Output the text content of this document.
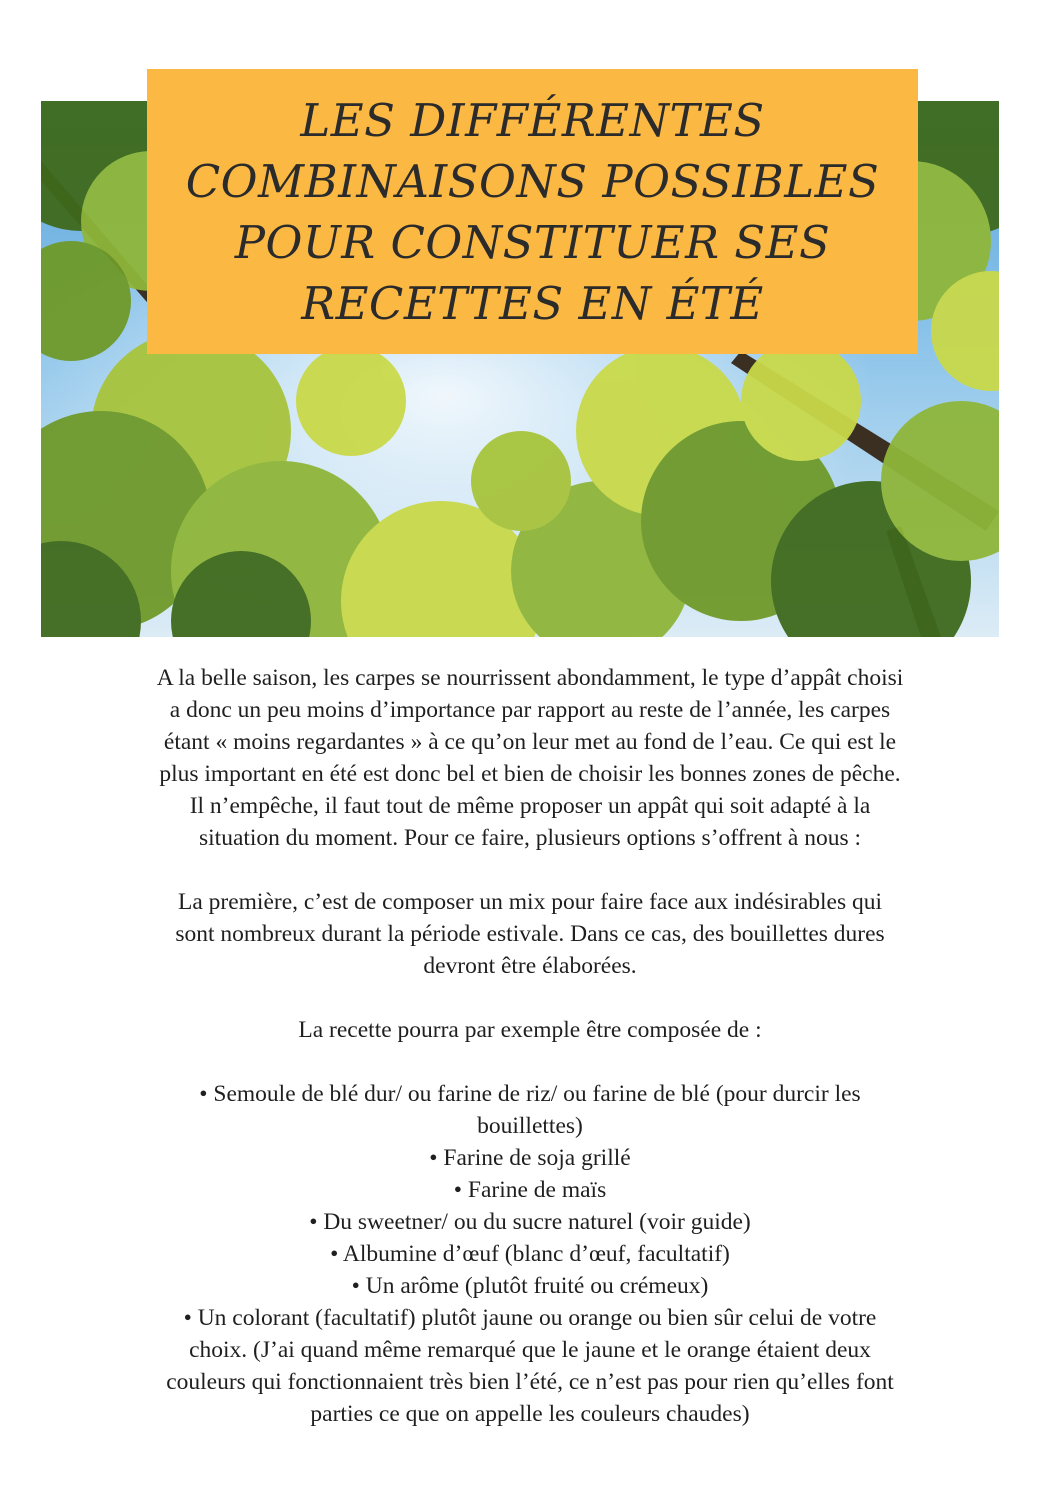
LES DIFFÉRENTES
COMBINAISONS POSSIBLES
POUR CONSTITUER SES
RECETTES EN ÉTÉ

A la belle saison, les carpes se nourrissent abondamment, le type d’appât choisi
a donc un peu moins d’importance par rapport au reste de l’année, les carpes
étant « moins regardantes » à ce qu’on leur met au fond de l’eau. Ce qui est le
plus important en été est donc bel et bien de choisir les bonnes zones de pêche.
Il n’empêche, il faut tout de même proposer un appât qui soit adapté à la
situation du moment. Pour ce faire, plusieurs options s’offrent à nous :

La première, c’est de composer un mix pour faire face aux indésirables qui
sont nombreux durant la période estivale. Dans ce cas, des bouillettes dures
devront être élaborées.

La recette pourra par exemple être composée de :

• Semoule de blé dur/ ou farine de riz/ ou farine de blé (pour durcir les
bouillettes)
• Farine de soja grillé
• Farine de maïs
• Du sweetner/ ou du sucre naturel (voir guide)
• Albumine d’œuf (blanc d’œuf, facultatif)
• Un arôme (plutôt fruité ou crémeux)
• Un colorant (facultatif) plutôt jaune ou orange ou bien sûr celui de votre
choix. (J’ai quand même remarqué que le jaune et le orange étaient deux
couleurs qui fonctionnaient très bien l’été, ce n’est pas pour rien qu’elles font
parties ce que on appelle les couleurs chaudes)
